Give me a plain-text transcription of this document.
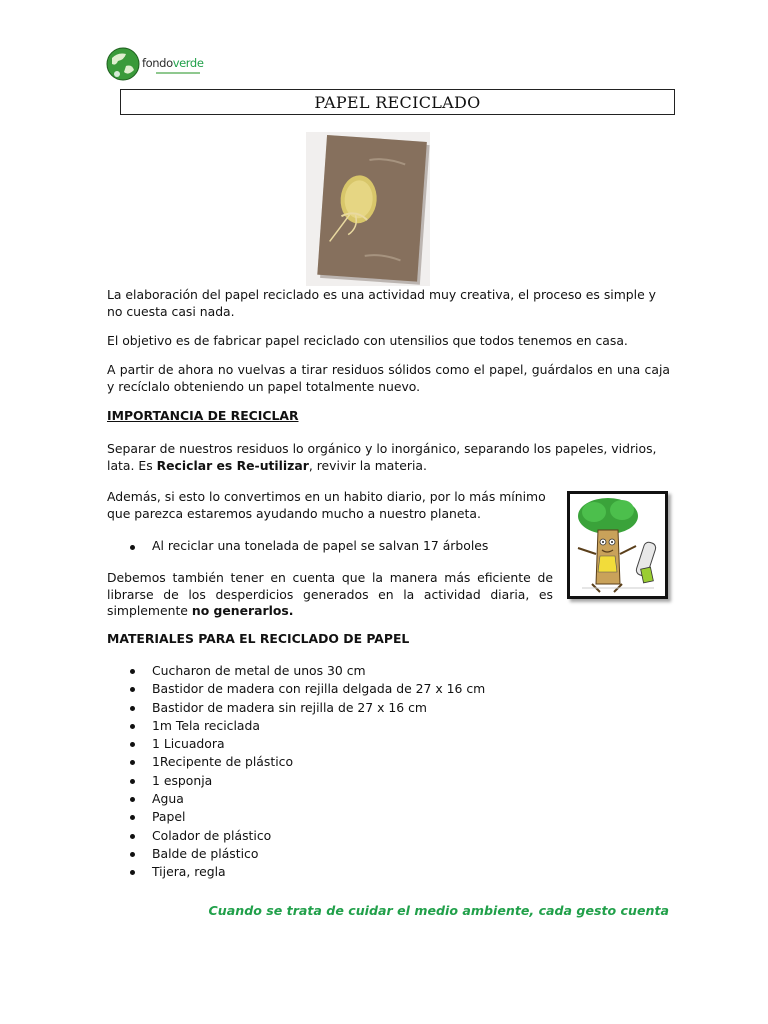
fondoverde
PAPEL RECICLADO
La elaboración del papel reciclado es una actividad muy creativa, el proceso es simple y no cuesta casi nada.
El objetivo es de fabricar papel reciclado con utensilios que todos tenemos en casa.
A partir de ahora no vuelvas a tirar residuos sólidos como el papel, guárdalos en una caja y recíclalo obteniendo un papel totalmente nuevo.
IMPORTANCIA DE RECICLAR
Separar de nuestros residuos lo orgánico y lo inorgánico, separando los papeles, vidrios, lata. Es Reciclar es Re-utilizar, revivir la materia.
Además, si esto lo convertimos en un habito diario, por lo más mínimo que parezca estaremos ayudando mucho a nuestro planeta.
Al reciclar una tonelada de papel se salvan 17 árboles
Debemos también tener en cuenta que la manera más eficiente de librarse de los desperdicios generados en la actividad diaria, es simplemente no generarlos.
MATERIALES PARA EL RECICLADO DE PAPEL
Cucharon de metal de unos 30 cm
Bastidor de madera con rejilla delgada de 27 x 16 cm
Bastidor de madera sin rejilla de 27 x 16 cm
1m Tela reciclada
1 Licuadora
1Recipente de plástico
1 esponja
Agua
Papel
Colador de plástico
Balde de plástico
Tijera, regla
Cuando se trata de cuidar el medio ambiente, cada gesto cuenta
